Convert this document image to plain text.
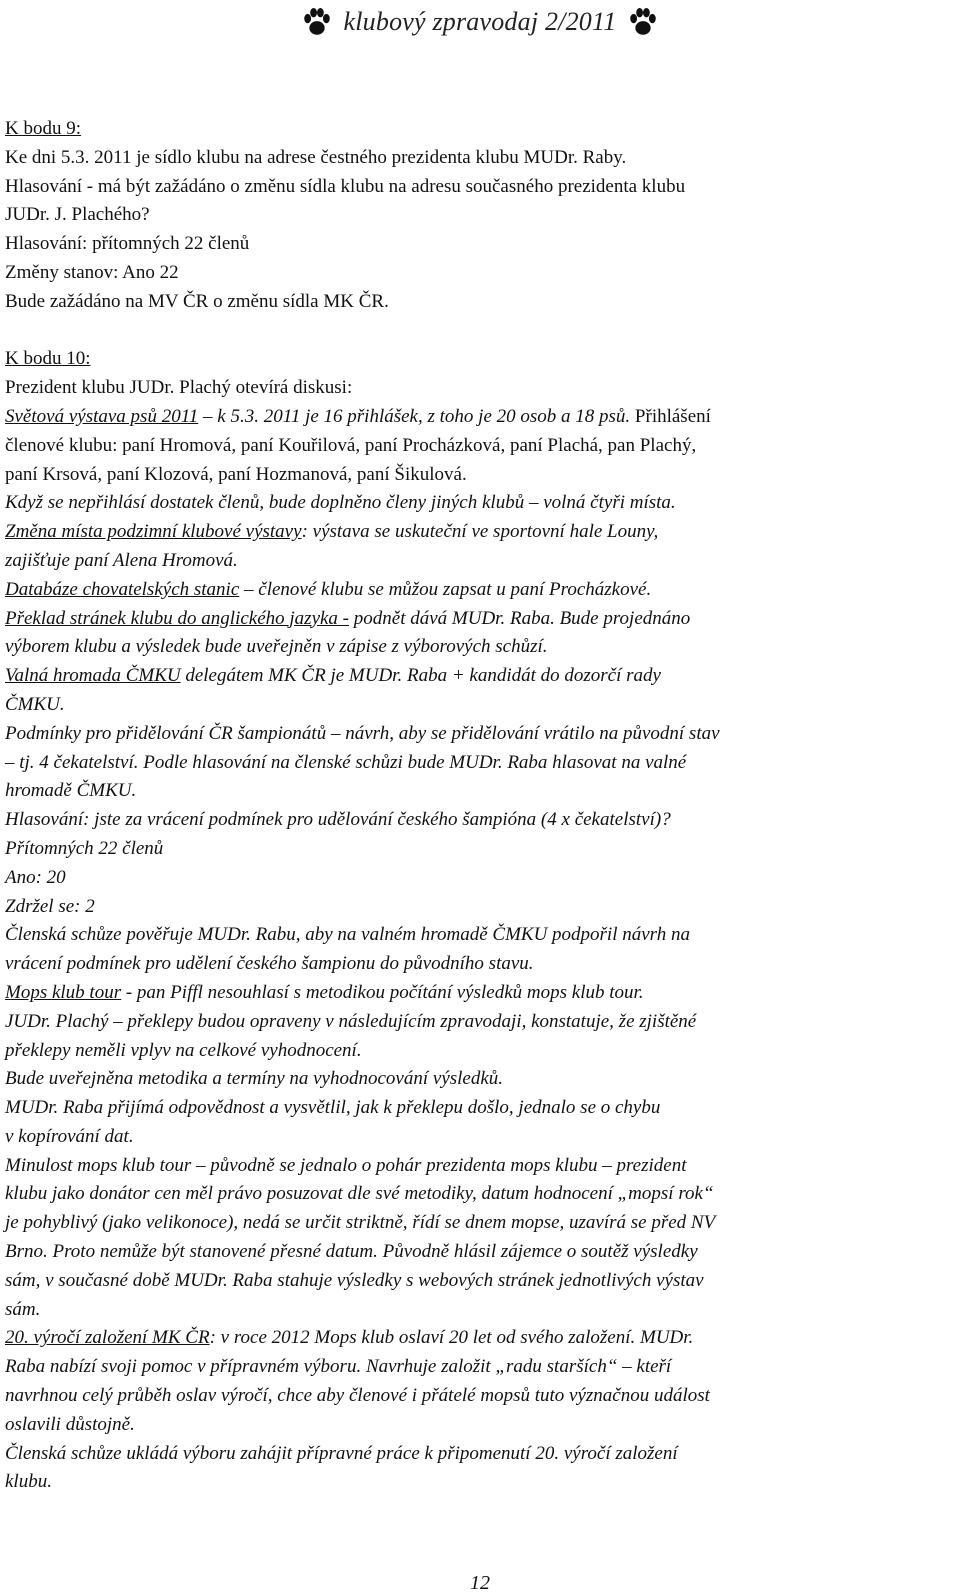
klubový zpravodaj 2/2011
K bodu 9:
Ke dni 5.3. 2011 je sídlo klubu na adrese čestného prezidenta klubu MUDr. Raby.
Hlasování - má být zažádáno o změnu sídla klubu na adresu současného prezidenta klubu
JUDr. J. Plachého?
Hlasování: přítomných 22 členů
Změny stanov: Ano 22
Bude zažádáno na MV ČR o změnu sídla MK ČR.
K bodu 10:
Prezident klubu JUDr. Plachý otevírá diskusi:
Světová výstava psů 2011 – k 5.3. 2011 je 16 přihlášek, z toho je 20 osob a 18 psů. Přihlášení
členové klubu: paní Hromová, paní Kouřilová, paní Procházková, paní Plachá, pan Plachý,
paní Krsová, paní Klozová, paní Hozmanová, paní Šikulová.
Když se nepřihlásí dostatek členů, bude doplněno členy jiných klubů – volná čtyři místa.
Změna místa podzimní klubové výstavy: výstava se uskuteční ve sportovní hale Louny,
zajišťuje paní Alena Hromová.
Databáze chovatelských stanic – členové klubu se můžou zapsat u paní Procházkové.
Překlad stránek klubu do anglického jazyka - podnět dává MUDr. Raba. Bude projednáno
výborem klubu a výsledek bude uveřejněn v zápise z výborových schůzí.
Valná hromada ČMKU delegátem MK ČR je MUDr. Raba + kandidát do dozorčí rady
ČMKU.
Podmínky pro přidělování ČR šampionátů – návrh, aby se přidělování vrátilo na původní stav
– tj. 4 čekatelství. Podle hlasování na členské schůzi bude MUDr. Raba hlasovat na valné
hromadě ČMKU.
Hlasování: jste za vrácení podmínek pro udělování českého šampióna (4 x čekatelství)?
Přítomných 22 členů
Ano: 20
Zdržel se: 2
Členská schůze pověřuje MUDr. Rabu, aby na valném hromadě ČMKU podpořil návrh na
vrácení podmínek pro udělení českého šampionu do původního stavu.
Mops klub tour - pan Piffl nesouhlasí s metodikou počítání výsledků mops klub tour.
JUDr. Plachý – překlepy budou opraveny v následujícím zpravodaji, konstatuje, že zjištěné
překlepy neměli vplyv na celkové vyhodnocení.
Bude uveřejněna metodika a termíny na vyhodnocování výsledků.
MUDr. Raba přijímá odpovědnost a vysvětlil, jak k překlepu došlo, jednalo se o chybu
v kopírování dat.
Minulost mops klub tour – původně se jednalo o pohár prezidenta mops klubu – prezident
klubu jako donátor cen měl právo posuzovat dle své metodiky, datum hodnocení „mopsí rok“
je pohyblivý (jako velikonoce), nedá se určit striktně, řídí se dnem mopse, uzavírá se před NV
Brno. Proto nemůže být stanovené přesné datum. Původně hlásil zájemce o soutěž výsledky
sám, v současné době MUDr. Raba stahuje výsledky s webových stránek jednotlivých výstav
sám.
20. výročí založení MK ČR: v roce 2012 Mops klub oslaví 20 let od svého založení. MUDr.
Raba nabízí svoji pomoc v přípravném výboru. Navrhuje založit „radu starších“ – kteří
navrhnou celý průběh oslav výročí, chce aby členové i přátelé mopsů tuto význačnou událost
oslavili důstojně.
Členská schůze ukládá výboru zahájit přípravné práce k připomenutí 20. výročí založení
klubu.
12
